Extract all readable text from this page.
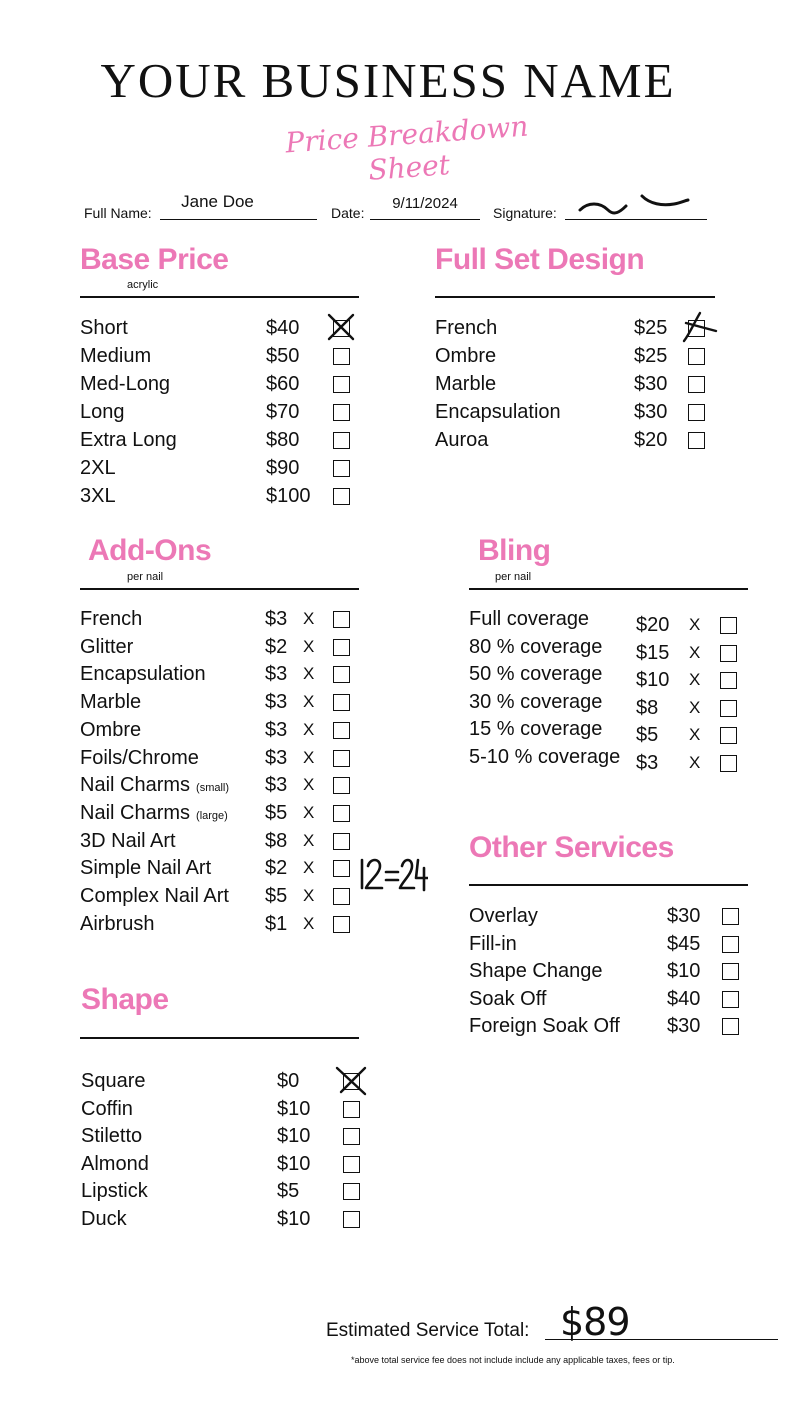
YOUR BUSINESS NAME
Price Breakdown Sheet
Full Name:
Jane Doe
Date:
9/11/2024
Signature:
Base Price
acrylic
Short	$40
Medium	$50
Med-Long	$60
Long	$70
Extra Long	$80
2XL	$90
3XL	$100
Full Set Design
French	$25
Ombre	$25
Marble	$30
Encapsulation	$30
Auroa	$20
Add-Ons
per nail
French	$3 X
Glitter	$2 X
Encapsulation	$3 X
Marble	$3 X
Ombre	$3 X
Foils/Chrome	$3 X
Nail Charms (small) $3 X
Nail Charms (large) $5 X
3D Nail Art	$8 X
Simple Nail Art	$2 X
Complex Nail Art $5 X
Airbrush	$1 X
Bling
per nail
Full coverage $20 X
80 % coverage $15 X
50 % coverage $10 X
30 % coverage $8 X
15 % coverage $5 X
5-10 % coverage $3 X
Other Services
Overlay	$30
Fill-in	$45
Shape Change	$10
Soak Off	$40
Foreign Soak Off $30
Shape
Square	$0
Coffin	$10
Stiletto	$10
Almond	$10
Lipstick	$5
Duck	$10
Estimated Service Total: $89
*above total service fee does not include include any applicable taxes, fees or tip.
